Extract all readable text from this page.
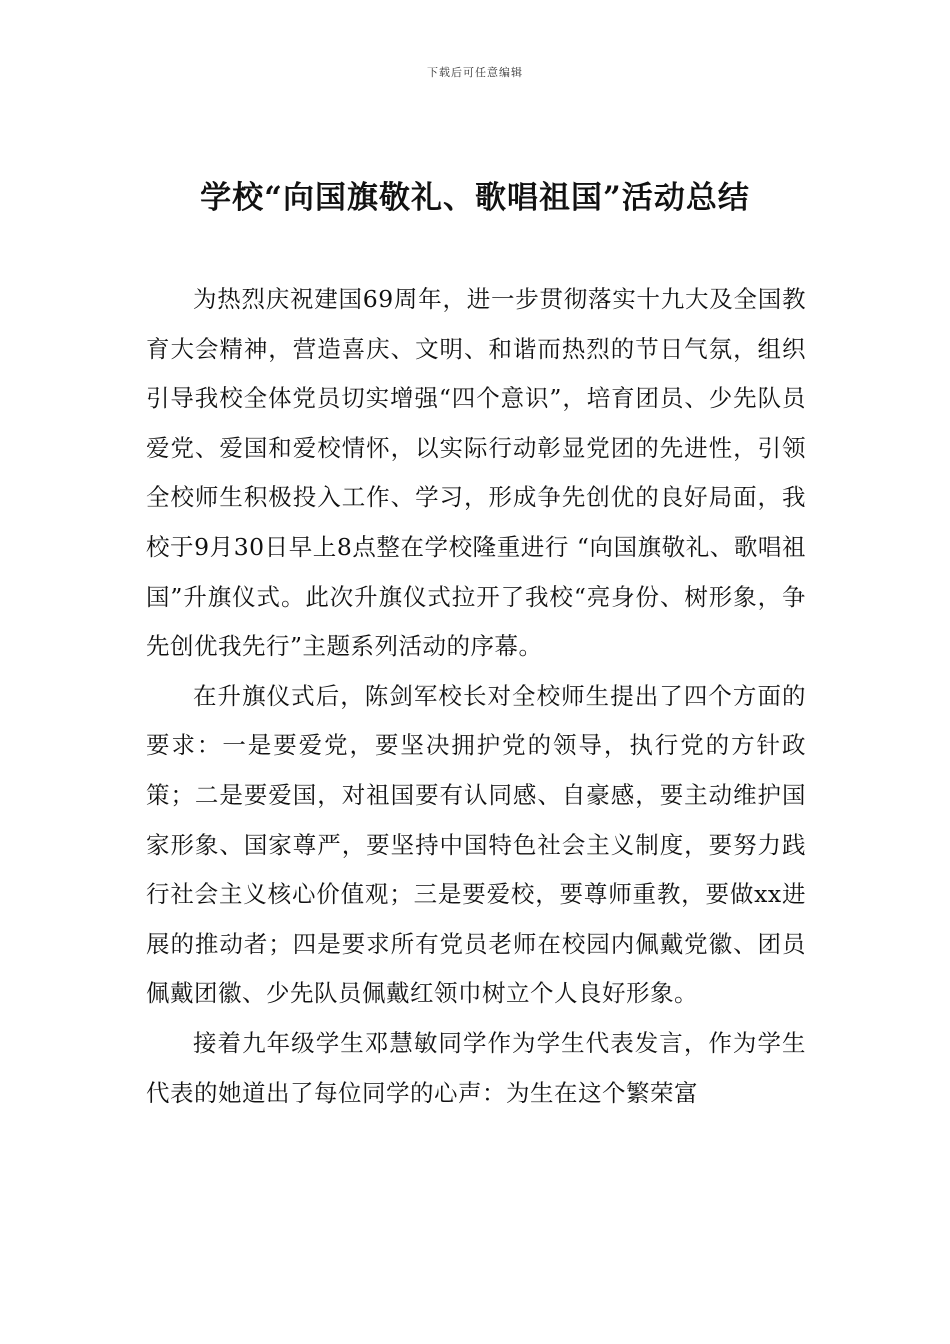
下载后可任意编辑
学校“向国旗敬礼、歌唱祖国”活动总结

为热烈庆祝建国69周年，进一步贯彻落实十九大及全国教育大会精神，营造喜庆、文明、和谐而热烈的节日气氛，组织引导我校全体党员切实增强“四个意识”，培育团员、少先队员爱党、爱国和爱校情怀，以实际行动彰显党团的先进性，引领全校师生积极投入工作、学习，形成争先创优的良好局面，我校于9月30日早上8点整在学校隆重进行 “向国旗敬礼、歌唱祖国”升旗仪式。此次升旗仪式拉开了我校“亮身份、树形象，争先创优我先行”主题系列活动的序幕。

在升旗仪式后，陈剑军校长对全校师生提出了四个方面的要求：一是要爱党，要坚决拥护党的领导，执行党的方针政策；二是要爱国，对祖国要有认同感、自豪感，要主动维护国家形象、国家尊严，要坚持中国特色社会主义制度，要努力践行社会主义核心价值观；三是要爱校，要尊师重教，要做xx进展的推动者；四是要求所有党员老师在校园内佩戴党徽、团员佩戴团徽、少先队员佩戴红领巾树立个人良好形象。

接着九年级学生邓慧敏同学作为学生代表发言，作为学生代表的她道出了每位同学的心声：为生在这个繁荣富
